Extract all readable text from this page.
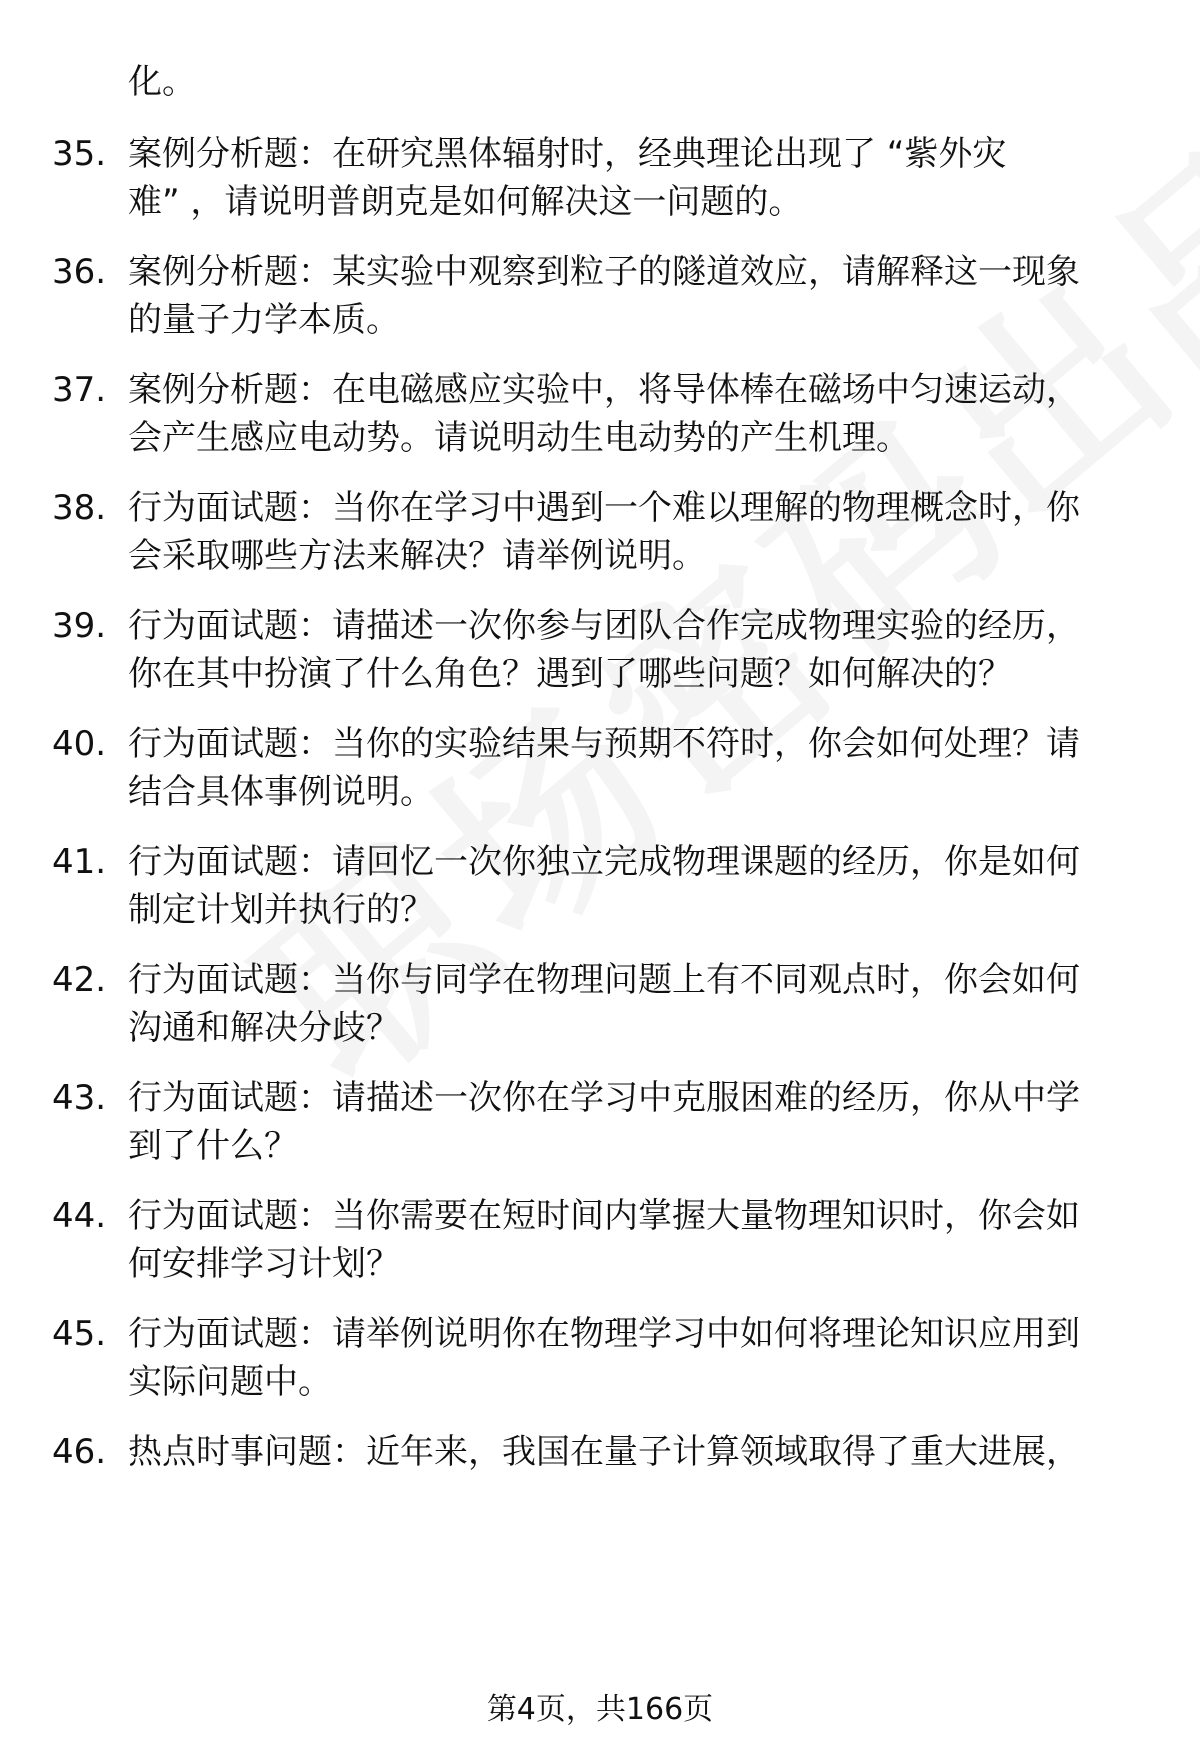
化。
35. 案例分析题：在研究黑体辐射时，经典理论出现了 “紫外灾
难” ，请说明普朗克是如何解决这一问题的。
36. 案例分析题：某实验中观察到粒子的隧道效应，请解释这一现象
的量子力学本质。
37. 案例分析题：在电磁感应实验中，将导体棒在磁场中匀速运动，
会产生感应电动势。请说明动生电动势的产生机理。
38. 行为面试题：当你在学习中遇到一个难以理解的物理概念时，你
会采取哪些方法来解决？请举例说明。
39. 行为面试题：请描述一次你参与团队合作完成物理实验的经历，
你在其中扮演了什么角色？遇到了哪些问题？如何解决的？
40. 行为面试题：当你的实验结果与预期不符时，你会如何处理？请
结合具体事例说明。
41. 行为面试题：请回忆一次你独立完成物理课题的经历，你是如何
制定计划并执行的？
42. 行为面试题：当你与同学在物理问题上有不同观点时，你会如何
沟通和解决分歧？
43. 行为面试题：请描述一次你在学习中克服困难的经历，你从中学
到了什么？
44. 行为面试题：当你需要在短时间内掌握大量物理知识时，你会如
何安排学习计划？
45. 行为面试题：请举例说明你在物理学习中如何将理论知识应用到
实际问题中。
46. 热点时事问题：近年来，我国在量子计算领域取得了重大进展，
第4页，共166页
